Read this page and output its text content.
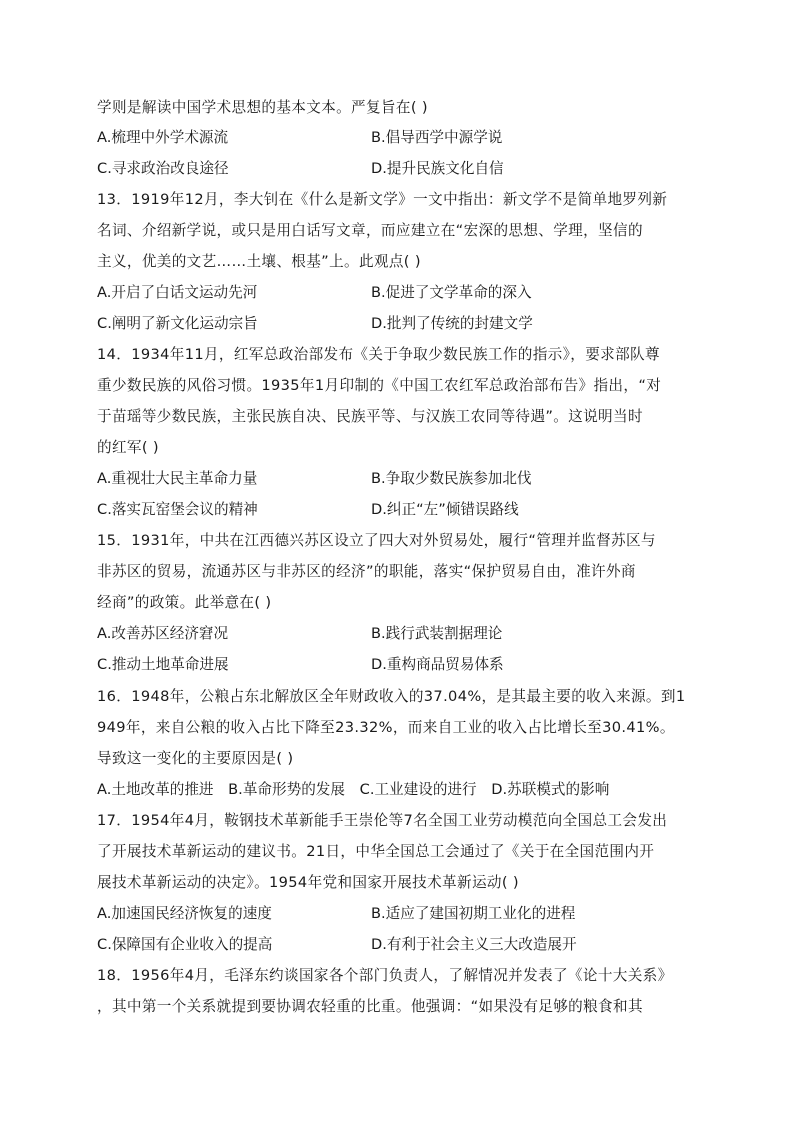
学则是解读中国学术思想的基本文本。严复旨在( )
A.梳理中外学术源流	B.倡导西学中源学说
C.寻求政治改良途径	D.提升民族文化自信
13．1919年12月，李大钊在《什么是新文学》一文中指出：新文学不是简单地罗列新
名词、介绍新学说，或只是用白话写文章，而应建立在“宏深的思想、学理，坚信的
主义，优美的文艺……土壤、根基”上。此观点( )
A.开启了白话文运动先河	B.促进了文学革命的深入
C.阐明了新文化运动宗旨	D.批判了传统的封建文学
14．1934年11月，红军总政治部发布《关于争取少数民族工作的指示》，要求部队尊
重少数民族的风俗习惯。1935年1月印制的《中国工农红军总政治部布告》指出，“对
于苗瑶等少数民族，主张民族自决、民族平等、与汉族工农同等待遇”。这说明当时
的红军( )
A.重视壮大民主革命力量	B.争取少数民族参加北伐
C.落实瓦窑堡会议的精神	D.纠正“左”倾错误路线
15．1931年，中共在江西德兴苏区设立了四大对外贸易处，履行“管理并监督苏区与
非苏区的贸易，流通苏区与非苏区的经济”的职能，落实“保护贸易自由，准许外商
经商”的政策。此举意在( )
A.改善苏区经济窘况	B.践行武装割据理论
C.推动土地革命进展	D.重构商品贸易体系
16．1948年，公粮占东北解放区全年财政收入的37.04%，是其最主要的收入来源。到1
949年，来自公粮的收入占比下降至23.32%，而来自工业的收入占比增长至30.41%。
导致这一变化的主要原因是( )
A.土地改革的推进 B.革命形势的发展 C.工业建设的进行 D.苏联模式的影响
17．1954年4月，鞍钢技术革新能手王崇伦等7名全国工业劳动模范向全国总工会发出
了开展技术革新运动的建议书。21日，中华全国总工会通过了《关于在全国范围内开
展技术革新运动的决定》。1954年党和国家开展技术革新运动( )
A.加速国民经济恢复的速度	B.适应了建国初期工业化的进程
C.保障国有企业收入的提高	D.有利于社会主义三大改造展开
18．1956年4月，毛泽东约谈国家各个部门负责人，了解情况并发表了《论十大关系》
，其中第一个关系就提到要协调农轻重的比重。他强调：“如果没有足够的粮食和其
